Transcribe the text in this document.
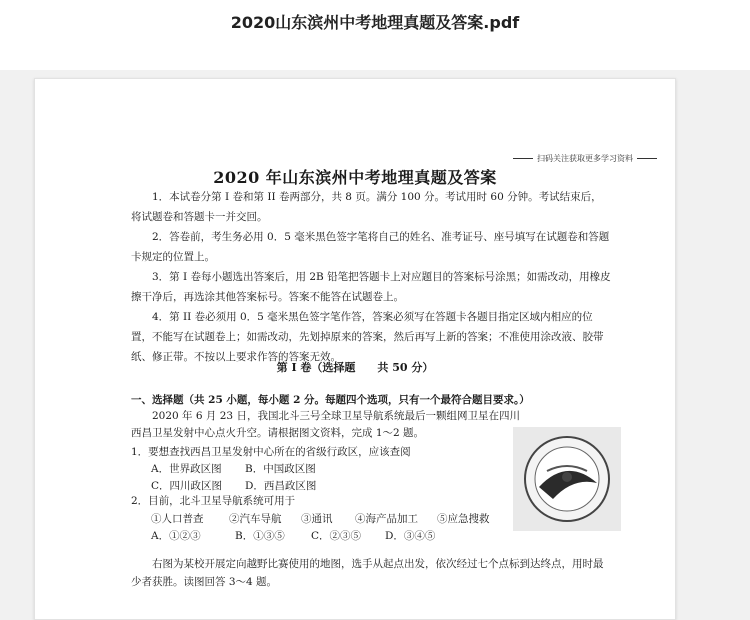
2020山东滨州中考地理真题及答案.pdf
扫码关注获取更多学习资料
2020 年山东滨州中考地理真题及答案

1．本试卷分第 I 卷和第 II 卷两部分，共 8 页。满分 100 分。考试用时 60 分钟。考试结束后，将试题卷和答题卡一并交回。

2．答卷前，考生务必用 0．5 毫米黑色签字笔将自己的姓名、准考证号、座号填写在试题卷和答题卡规定的位置上。

3．第 I 卷每小题选出答案后，用 2B 铅笔把答题卡上对应题目的答案标号涂黑；如需改动，用橡皮擦干净后，再选涂其他答案标号。答案不能答在试题卷上。

4．第 II 卷必须用 0．5 毫米黑色签字笔作答，答案必须写在答题卡各题目指定区域内相应的位置，不能写在试题卷上；如需改动，先划掉原来的答案，然后再写上新的答案；不准使用涂改液、胶带纸、修正带。不按以上要求作答的答案无效。

第 I 卷（选择题　　共 50 分）
一、选择题（共 25 小题，每小题 2 分。每题四个选项，只有一个最符合题目要求。）

2020 年 6 月 23 日，我国北斗三号全球卫星导航系统最后一颗组网卫星在四川西昌卫星发射中心点火升空。请根据图文资料，完成 1～2 题。

1．要想查找西昌卫星发射中心所在的省级行政区，应该查阅
A．世界政区图 B．中国政区图
C．四川政区图 D．西昌政区图
2．目前，北斗卫星导航系统可用于
①人口普查 ②汽车导航 ③通讯 ④海产品加工 ⑤应急搜救
A．①②③	B．①③⑤	C．②③⑤ D．③④⑤

右图为某校开展定向越野比赛使用的地图，选手从起点出发，依次经过七个点标到达终点，用时最少者获胜。读图回答 3～4 题。
